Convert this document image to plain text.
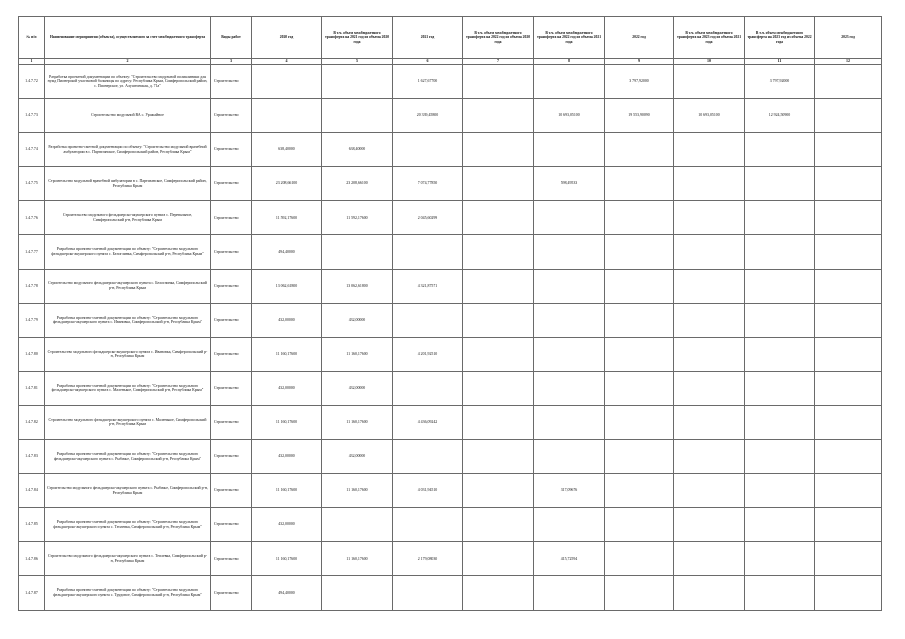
№ п/п	Наименование мероприятия (объекта), осуществляемого за счет межбюджетного трансферта	Виды работ	2020 год	В т.ч. объем межбюджетного трансферта на 2021 год из объема 2020 года	2021 год	В т.ч. объем межбюджетного трансферта на 2022 год из объема 2020 года	В т.ч. объем межбюджетного трансферта на 2022 год из объема 2021 года	2022 год	В т.ч. объем межбюджетного трансферта на 2023 год из объема 2021 года	В т.ч. объем межбюджетного трансферта на 2023 год из объема 2022 года	2023 год
1	2	3	4	5	6	7	8	9	10	11	12
1.4.7.72	Разработка проектной документации по объекту: "Строительство модульной поликлиники для нужд Пионерской участковой больницы по адресу: Республика Крым, Симферопольский район, с. Пионерское, ул. Алуштинская, д. 71а"	Строительство			1 627,67700			3 797,92000		3 797,92000	
1.4.7.73	Строительство модульной ВА с. Урожайное	Строительство			20 339,45800		10 693,05100	19 553,90090	10 693,05100	12 924,50900	
1.4.7.74	Разработка проектно-сметной документации по объекту: "Строительство модульной врачебной амбулатории в с. Партизанское, Симферопольский район, Республика Крым"	Строительство	638,40000	638,40000							
1.4.7.75	Строительство модульной врачебной амбулатории в с. Партизанское, Симферопольский район, Республика Крым	Строительство	23 208,66100	23 208,66100	7 074,77850		598,49533				
1.4.7.76	Строительство модульного фельдшерско-акушерского пункта с. Перевальное, Симферопольский р-н, Республика Крым	Строительство	11 592,17600	11 592,17600	2 045,60299						
1.4.7.77	Разработка проектно-сметной документации по объекту: "Строительство модульного фельдшерско-акушерского пункта с. Белоглинка, Симферопольский р-н, Республика Крым"	Строительство	494,40000								
1.4.7.78	Строительство модульного фельдшерско-акушерского пункта с. Белоглинка, Симферопольский р-н, Республика Крым	Строительство	13 062,61800	13 062,61800	4 321,87571						
1.4.7.79	Разработка проектно-сметной документации по объекту: "Строительство модульного фельдшерско-акушерского пункта с. Ивановка, Симферопольский р-н, Республика Крым"	Строительство	432,00000	432,00000							
1.4.7.80	Строительство модульного фельдшерско-акушерского пункта с. Ивановка, Симферопольский р-н, Республика Крым	Строительство	11 160,17600	11 160,17600	4 201,92510						
1.4.7.81	Разработка проектно-сметной документации по объекту: "Строительство модульного фельдшерско-акушерского пункта с. Маленькое, Симферопольский р-н, Республика Крым"	Строительство	432,00000	432,00000							
1.4.7.82	Строительство модульного фельдшерско-акушерского пункта с. Маленькое, Симферопольский р-н, Республика Крым	Строительство	11 160,17600	11 160,17600	4 436,09242						
1.4.7.83	Разработка проектно-сметной документации по объекту: "Строительство модульного фельдшерско-акушерского пункта с. Рыбачье, Симферопольский р-н, Республика Крым"	Строительство	432,00000	432,00000							
1.4.7.84	Строительство модульного фельдшерско-акушерского пункта с. Рыбачье, Симферопольский р-н, Республика Крым	Строительство	11 160,17600	11 160,17600	4 031,94510		317,09676				
1.4.7.85	Разработка проектно-сметной документации по объекту: "Строительство модульного фельдшерско-акушерского пункта с. Теплевка, Симферопольский р-н, Республика Крым"	Строительство	432,00000								
1.4.7.86	Строительство модульного фельдшерско-акушерского пункта с. Теплевка, Симферопольский р-н, Республика Крым	Строительство	11 160,17600	11 160,17600	2 179,08030		415,72594				
1.4.7.87	Разработка проектно-сметной документации по объекту: "Строительство модульного фельдшерско-акушерского пункта с. Трудовое, Симферопольский р-н, Республика Крым"	Строительство	494,40000								
